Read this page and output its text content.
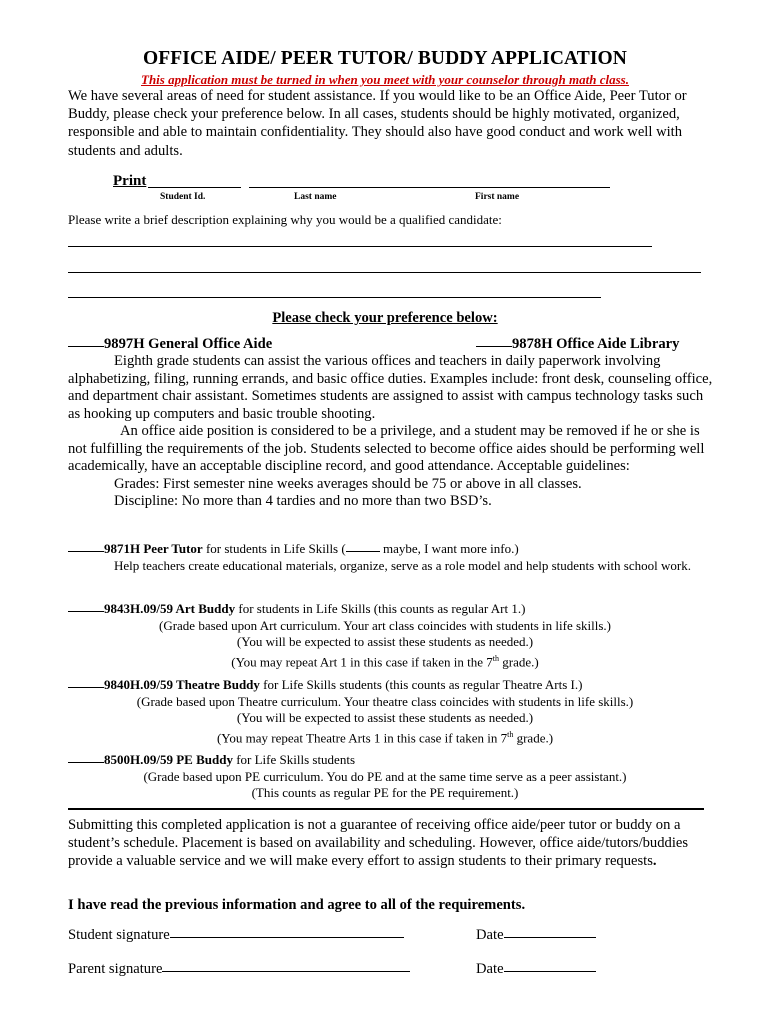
OFFICE AIDE/ PEER TUTOR/ BUDDY APPLICATION
This application must be turned in when you meet with your counselor through math class.
We have several areas of need for student assistance. If you would like to be an Office Aide, Peer Tutor or Buddy, please check your preference below. In all cases, students should be highly motivated, organized, responsible and able to maintain confidentiality. They should also have good conduct and work well with students and adults.
Print
Student Id.	Last name	First name
Please write a brief description explaining why you would be a qualified candidate:
Please check your preference below:
9897H General Office Aide	9878H Office Aide Library

Eighth grade students can assist the various offices and teachers in daily paperwork involving alphabetizing, filing, running errands, and basic office duties. Examples include: front desk, counseling office, and department chair assistant. Sometimes students are assigned to assist with campus technology tasks such as hooking up computers and basic trouble shooting.

An office aide position is considered to be a privilege, and a student may be removed if he or she is not fulfilling the requirements of the job. Students selected to become office aides should be performing well academically, have an acceptable discipline record, and good attendance. Acceptable guidelines:

Grades: First semester nine weeks averages should be 75 or above in all classes.

Discipline: No more than 4 tardies and no more than two BSD’s.

9871H Peer Tutor for students in Life Skills (	maybe, I want more info.)
Help teachers create educational materials, organize, serve as a role model and help students with school work.
9843H.09/59 Art Buddy for students in Life Skills (this counts as regular Art 1.)
(Grade based upon Art curriculum. Your art class coincides with students in life skills.)
(You will be expected to assist these students as needed.)
(You may repeat Art 1 in this case if taken in the 7th grade.)
9840H.09/59 Theatre Buddy for Life Skills students (this counts as regular Theatre Arts I.)
(Grade based upon Theatre curriculum. Your theatre class coincides with students in life skills.)
(You will be expected to assist these students as needed.)
(You may repeat Theatre Arts 1 in this case if taken in 7th grade.)
8500H.09/59 PE Buddy for Life Skills students
(Grade based upon PE curriculum. You do PE and at the same time serve as a peer assistant.)
(This counts as regular PE for the PE requirement.)
Submitting this completed application is not a guarantee of receiving office aide/peer tutor or buddy on a student’s schedule. Placement is based on availability and scheduling. However, office aide/tutors/buddies provide a valuable service and we will make every effort to assign students to their primary requests.
I have read the previous information and agree to all of the requirements.
Student signature	Date
Parent signature	Date
